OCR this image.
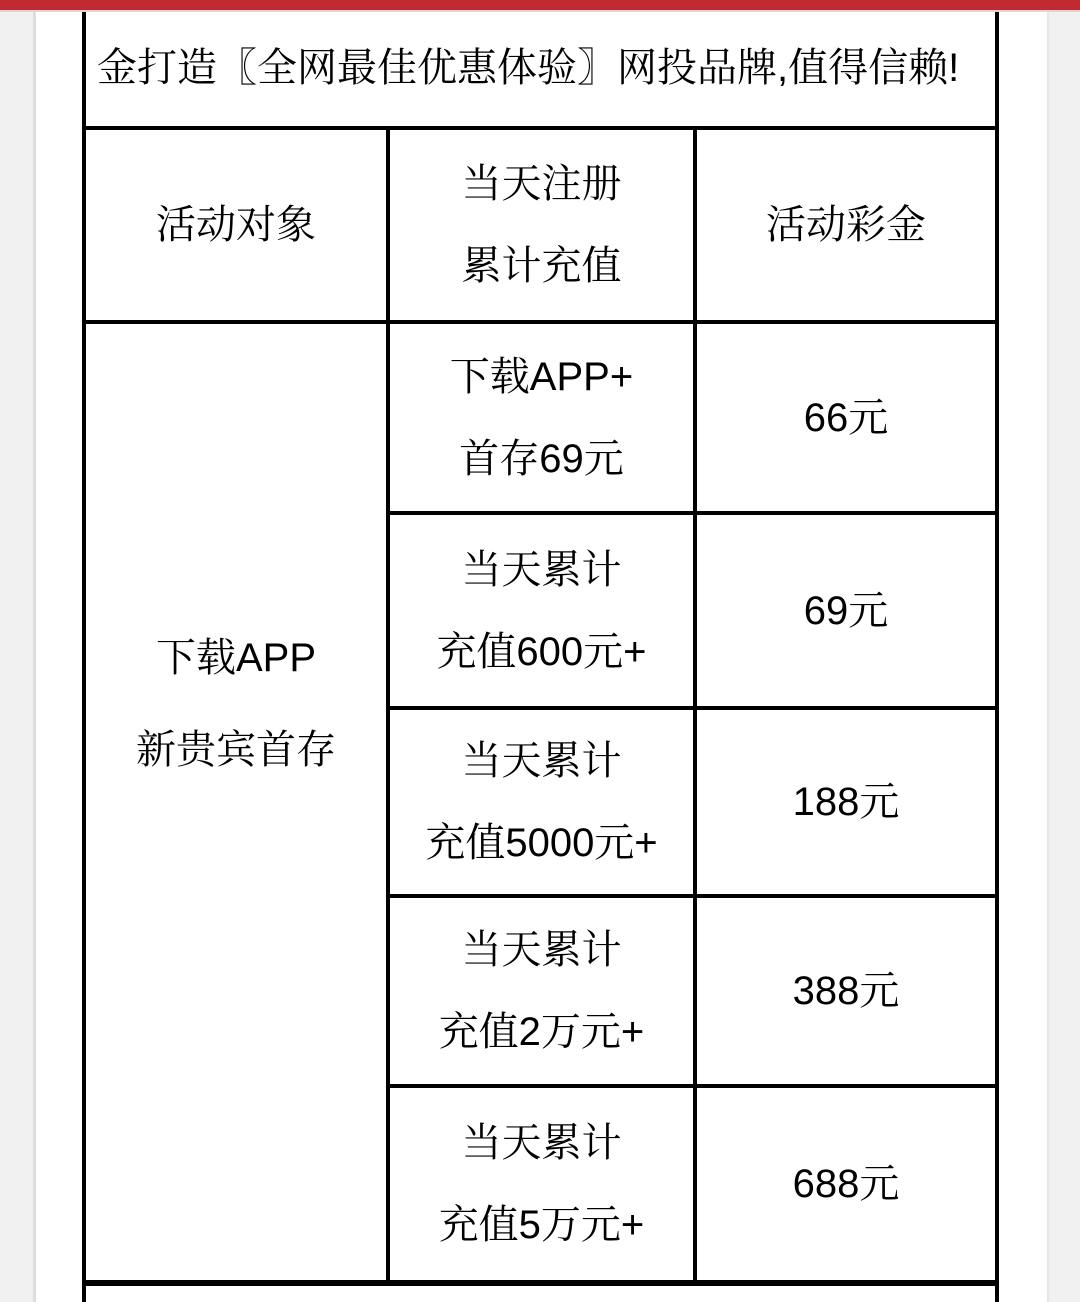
金打造〖全网最佳优惠体验〗网投品牌,值得信赖!
活动对象
当天注册
累计充值
活动彩金
下载APP
新贵宾首存
下载APP+
首存69元
66元
当天累计
充值600元+
69元
当天累计
充值5000元+
188元
当天累计
充值2万元+
388元
当天累计
充值5万元+
688元
